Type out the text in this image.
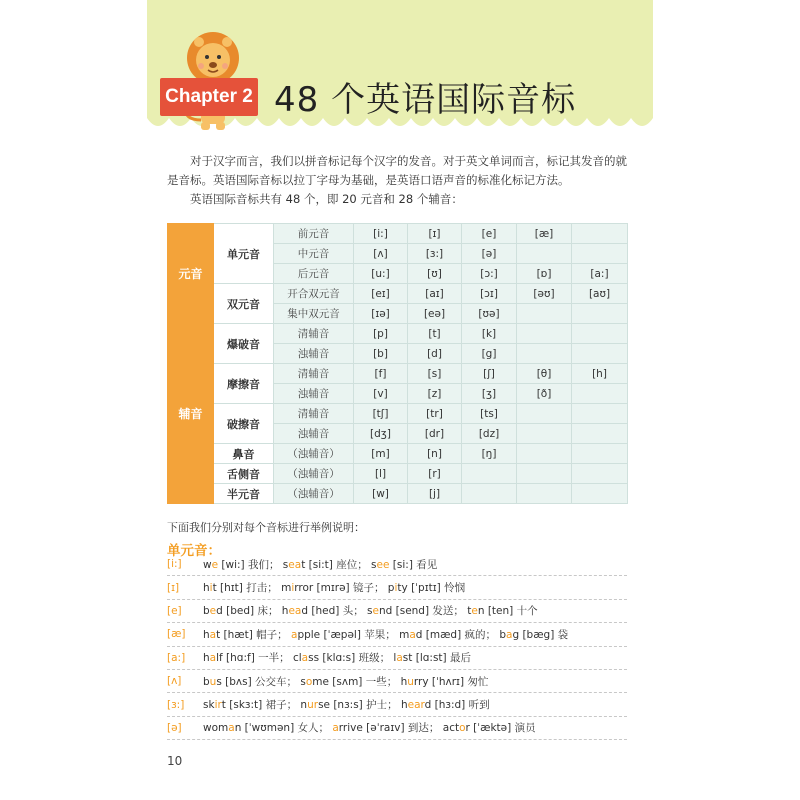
Chapter 2 48 个英语国际音标

对于汉字而言，我们以拼音标记每个汉字的发音。对于英文单词而言，标记其发音的就是音标。英语国际音标以拉丁字母为基础，是英语口语声音的标准化标记方法。

英语国际音标共有 48 个，即 20 元音和 28 个辅音：

元音	单元音	前元音	[i:]	[ɪ]	[e]	[æ]	
		中元音	[ʌ]	[ɜ:]	[ə]		
		后元音	[u:]	[ʊ]	[ɔ:]	[ɒ]	[a:]
	双元音	开合双元音	[eɪ]	[aɪ]	[ɔɪ]	[əʊ]	[aʊ]
		集中双元音	[ɪə]	[eə]	[ʊə]		
辅音	爆破音	清辅音	[p]	[t]	[k]		
		浊辅音	[b]	[d]	[g]		
	摩擦音	清辅音	[f]	[s]	[ʃ]	[θ]	[h]
		浊辅音	[v]	[z]	[ʒ]	[ð]	
	破擦音	清辅音	[tʃ]	[tr]	[ts]		
		浊辅音	[dʒ]	[dr]	[dz]		
	鼻音	（浊辅音）	[m]	[n]	[ŋ]		
	舌侧音	（浊辅音）	[l]	[r]			
	半元音	（浊辅音）	[w]	[j]			
下面我们分别对每个音标进行举例说明：
单元音：
[i:]	we [wi:] 我们； seat [si:t] 座位； see [si:] 看见
[ɪ]	hit [hɪt] 打击； mirror [mɪrə] 镜子； pity [ˈpɪtɪ] 怜悯
[e]	bed [bed] 床； head [hed] 头； send [send] 发送； ten [ten] 十个
[æ]	hat [hæt] 帽子； apple [ˈæpəl] 苹果； mad [mæd] 疯的； bag [bæg] 袋
[a:]	half [hɑ:f] 一半； class [klɑ:s] 班级； last [lɑ:st] 最后
[ʌ]	bus [bʌs] 公交车； some [sʌm] 一些； hurry [ˈhʌrɪ] 匆忙
[ɜ:]	skirt [skɜ:t] 裙子； nurse [nɜ:s] 护士； heard [hɜ:d] 听到
[ə]	woman [ˈwʊmən] 女人； arrive [əˈraɪv] 到达； actor [ˈæktə] 演员
10
